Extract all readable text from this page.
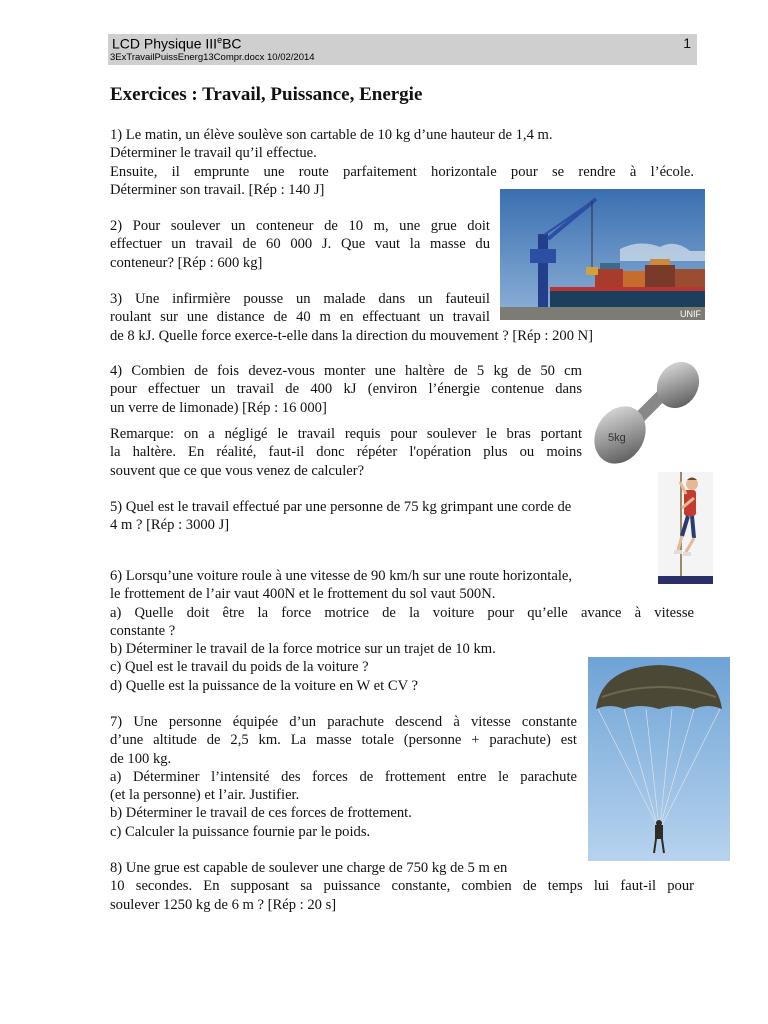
LCD Physique IIIeBC	1
3ExTravailPuissEnerg13Compr.docx 10/02/2014
Exercices : Travail, Puissance, Energie
1) Le matin, un élève soulève son cartable de 10 kg d’une hauteur de 1,4 m.
Déterminer le travail qu’il effectue.
Ensuite, il emprunte une route parfaitement horizontale pour se rendre à l’école.
Déterminer son travail. [Rép : 140 J]
2) Pour soulever un conteneur de 10 m, une grue doit
effectuer un travail de 60 000 J. Que vaut la masse du
conteneur? [Rép : 600 kg]
3) Une infirmière pousse un malade dans un fauteuil
roulant sur une distance de 40 m en effectuant un travail
de 8 kJ. Quelle force exerce-t-elle dans la direction du mouvement ? [Rép : 200 N]
4) Combien de fois devez-vous monter une haltère de 5 kg de 50 cm
pour effectuer un travail de 400 kJ (environ l’énergie contenue dans
un verre de limonade) [Rép : 16 000]
Remarque: on a négligé le travail requis pour soulever le bras portant
la haltère. En réalité, faut-il donc répéter l'opération plus ou moins
souvent que ce que vous venez de calculer?
5) Quel est le travail effectué par une personne de 75 kg grimpant une corde de
4 m ? [Rép : 3000 J]
6) Lorsqu’une voiture roule à une vitesse de 90 km/h sur une route horizontale,
le frottement de l’air vaut 400N et le frottement du sol vaut 500N.
a) Quelle doit être la force motrice de la voiture pour qu’elle avance à vitesse
constante ?
b) Déterminer le travail de la force motrice sur un trajet de 10 km.
c) Quel est le travail du poids de la voiture ?
d) Quelle est la puissance de la voiture en W et CV ?
7) Une personne équipée d’un parachute descend à vitesse constante
d’une altitude de 2,5 km. La masse totale (personne + parachute) est
de 100 kg.
a) Déterminer l’intensité des forces de frottement entre le parachute
(et la personne) et l’air. Justifier.
b) Déterminer le travail de ces forces de frottement.
c) Calculer la puissance fournie par le poids.
8) Une grue est capable de soulever une charge de 750 kg de 5 m en
10 secondes. En supposant sa puissance constante, combien de temps lui faut-il pour
soulever 1250 kg de 6 m ? [Rép : 20 s]
UNIF
5kg
